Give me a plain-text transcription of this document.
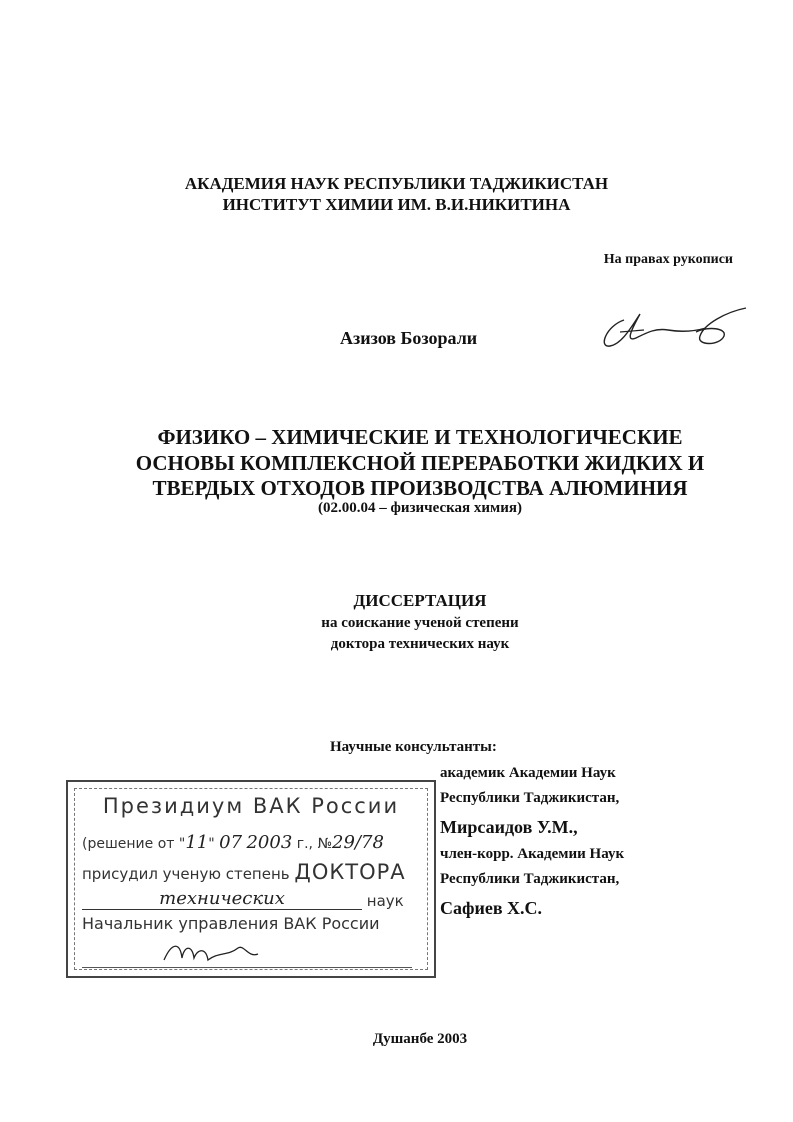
АКАДЕМИЯ НАУК РЕСПУБЛИКИ ТАДЖИКИСТАН
ИНСТИТУТ ХИМИИ ИМ. В.И.НИКИТИНА
На правах рукописи
Азизов Бозорали
ФИЗИКО – ХИМИЧЕСКИЕ И ТЕХНОЛОГИЧЕСКИЕ
ОСНОВЫ КОМПЛЕКСНОЙ ПЕРЕРАБОТКИ ЖИДКИХ И
ТВЕРДЫХ ОТХОДОВ ПРОИЗВОДСТВА АЛЮМИНИЯ
(02.00.04 – физическая химия)
ДИССЕРТАЦИЯ
на соискание ученой степени
доктора технических наук
Научные консультанты:
академик Академии Наук
Республики Таджикистан,
Мирсаидов У.М.,
член-корр. Академии Наук
Республики Таджикистан,
Сафиев Х.С.
Президиум ВАК России
(решение от "11" 07 2003 г., №29/78
присудил ученую степень ДОКТОРА
технических	наук
Начальник управления ВАК России
Душанбе 2003
